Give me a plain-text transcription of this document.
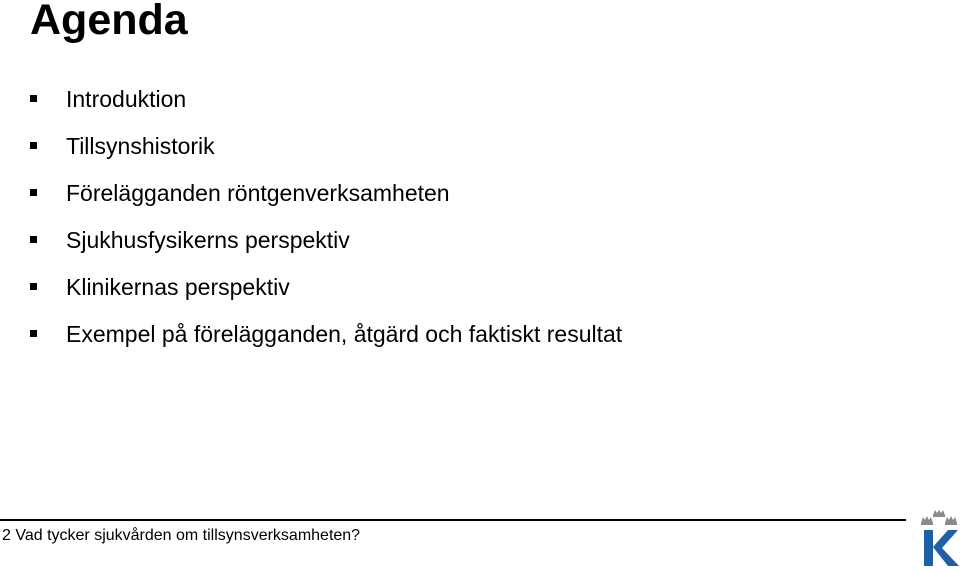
Agenda
Introduktion
Tillsynshistorik
Förelägganden röntgenverksamheten
Sjukhusfysikerns perspektiv
Klinikernas perspektiv
Exempel på förelägganden, åtgärd och faktiskt resultat
2 Vad tycker sjukvården om tillsynsverksamheten?
